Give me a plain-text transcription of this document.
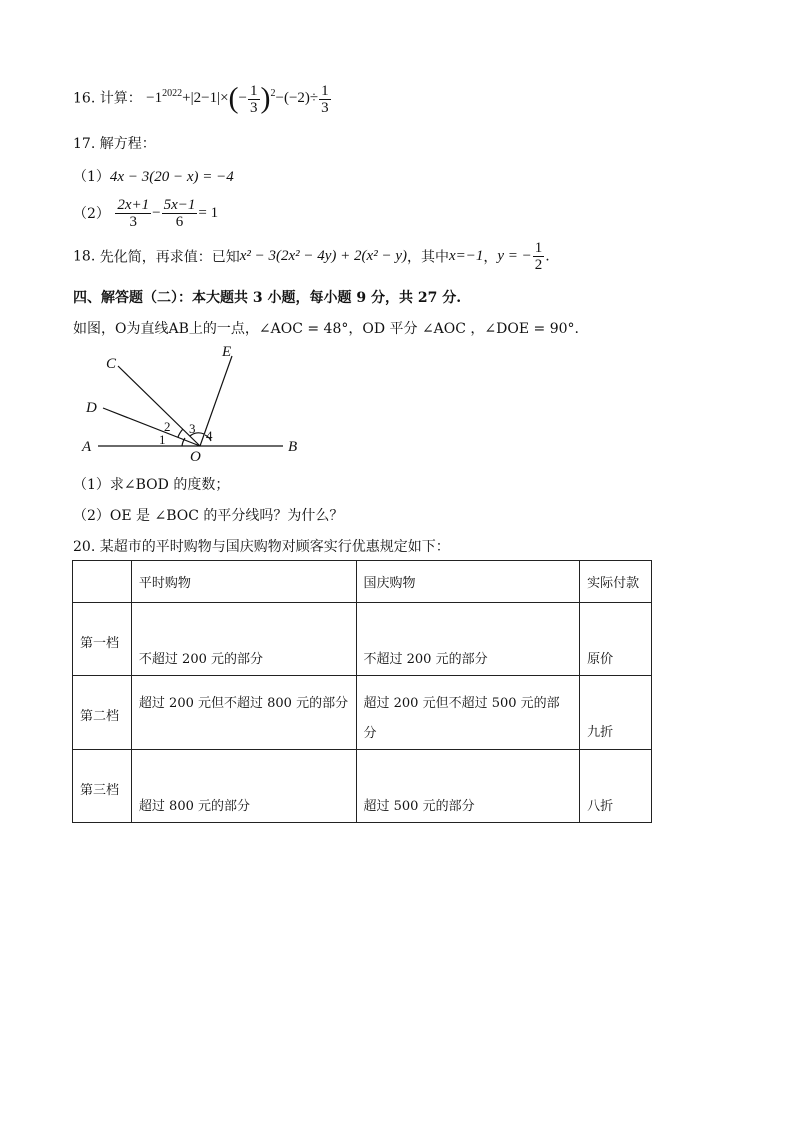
16. 计算： $-1^{2022}+|2-1|\times(- \frac{1}{3} )^2-(-2)\div \frac{1}{3}$
17. 解方程：
（1）4x − 3(20 − x) = −4
$(2) \frac{2x+1}{3} - \frac{5x-1}{6} = 1$
18. 先化简，再求值：已知x² − 3(2x² − 4y) + 2(x² − y)，其中x=−1，y = − $\frac{1}{2}$ .
四、解答题（二）：本大题共 3 小题，每小题 9 分，共 27 分.
如图，O为直线AB上的一点，∠AOC = 48°，OD 平分 ∠AOC ，∠DOE = 90°.
C
E
D
A	B
O
1
2 3 4
（1）求∠BOD 的度数；
（2）OE 是 ∠BOC 的平分线吗？为什么？
20. 某超市的平时购物与国庆购物对顾客实行优惠规定如下：
	平时购物	国庆购物	实际付款

第一档	不超过 200 元的部分	不超过 200 元的部分	原价

第二档	超过 200 元但不超过 800 元的部分	超过 200 元但不超过 500 元的部分	九折

第三档	超过 800 元的部分	超过 500 元的部分	八折
